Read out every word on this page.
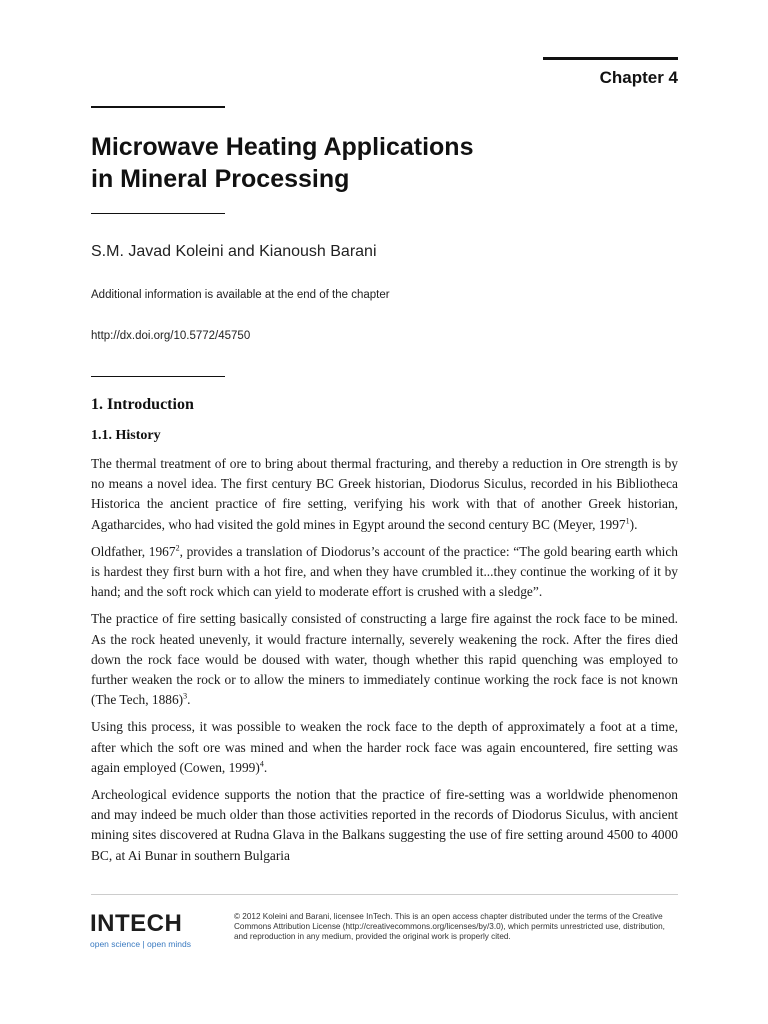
Chapter 4
Microwave Heating Applications
in Mineral Processing
S.M. Javad Koleini and Kianoush Barani
Additional information is available at the end of the chapter
http://dx.doi.org/10.5772/45750
1. Introduction
1.1. History

The thermal treatment of ore to bring about thermal fracturing, and thereby a reduction in Ore strength is by no means a novel idea. The first century BC Greek historian, Diodorus Siculus, recorded in his Bibliotheca Historica the ancient practice of fire setting, verifying his work with that of another Greek historian, Agatharcides, who had visited the gold mines in Egypt around the second century BC (Meyer, 1997$^1$).

Oldfather, 1967$^2$, provides a translation of Diodorus’s account of the practice: “The gold bearing earth which is hardest they first burn with a hot fire, and when they have crumbled it...they continue the working of it by hand; and the soft rock which can yield to moderate effort is crushed with a sledge”.

The practice of fire setting basically consisted of constructing a large fire against the rock face to be mined. As the rock heated unevenly, it would fracture internally, severely weakening the rock. After the fires died down the rock face would be doused with water, though whether this rapid quenching was employed to further weaken the rock or to allow the miners to immediately continue working the rock face is not known (The Tech, 1886)$^3$.

Using this process, it was possible to weaken the rock face to the depth of approximately a foot at a time, after which the soft ore was mined and when the harder rock face was again encountered, fire setting was again employed (Cowen, 1999)$^4$.

Archeological evidence supports the notion that the practice of fire-setting was a worldwide phenomenon and may indeed be much older than those activities reported in the records of Diodorus Siculus, with ancient mining sites discovered at Rudna Glava in the Balkans suggesting the use of fire setting around 4500 to 4000 BC, at Ai Bunar in southern Bulgaria

INTECH
open science | open minds
© 2012 Koleini and Barani, licensee InTech. This is an open access chapter distributed under the terms of the Creative Commons Attribution License (http://creativecommons.org/licenses/by/3.0), which permits unrestricted use, distribution, and reproduction in any medium, provided the original work is properly cited.
